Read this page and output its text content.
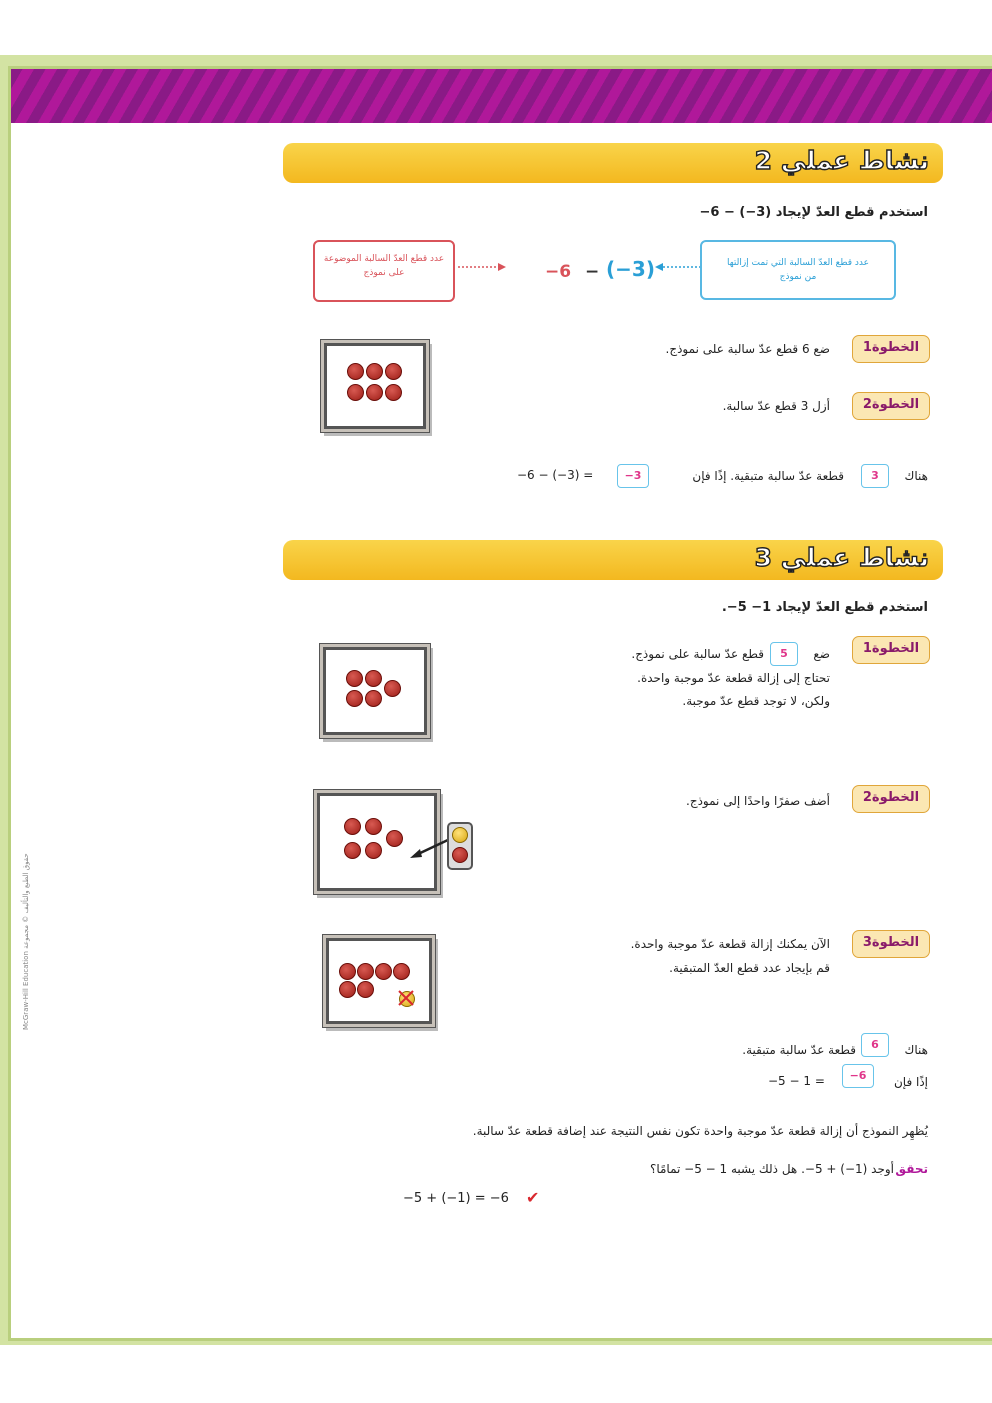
McGraw-Hill Education حقوق الطبع والتأليف © مجموعة
نشاط عملي 2
استخدم قطع العدّ لإيجاد (3−) − 6−
عدد قطع العدّ السالبة الموضوعة على نموذج	−6 − (−3)	عدد قطع العدّ السالبة التي تمت إزالتها من نموذج
الخطوة1
ضع 6 قطع عدّ سالبة على نموذج.
الخطوة2
أزل 3 قطع عدّ سالبة.
هناك
3
قطعة عدّ سالبة متبقية. إذًا فإن
−3
−6 − (−3) =
نشاط عملي 3
استخدم قطع العدّ لإيجاد 1− 5−.
الخطوة1
ضع
5
قطع عدّ سالبة على نموذج.
تحتاج إلى إزالة قطعة عدّ موجبة واحدة.
ولكن، لا توجد قطع عدّ موجبة.
الخطوة2
أضف صفرًا واحدًا إلى نموذج.
الخطوة3
الآن يمكنك إزالة قطعة عدّ موجبة واحدة.
قم بإيجاد عدد قطع العدّ المتبقية.
هناك
6
قطعة عدّ سالبة متبقية.
إذًا فإن
−6
−5 − 1 =
يُظهِر النموذج أن إزالة قطعة عدّ موجبة واحدة تكون نفس النتيجة عند إضافة قطعة عدّ سالبة.
تحقق
أوجد (1−) + 5−. هل ذلك يشبه 1 − 5− تمامًا؟
−5 + (−1) = −6 ✔
